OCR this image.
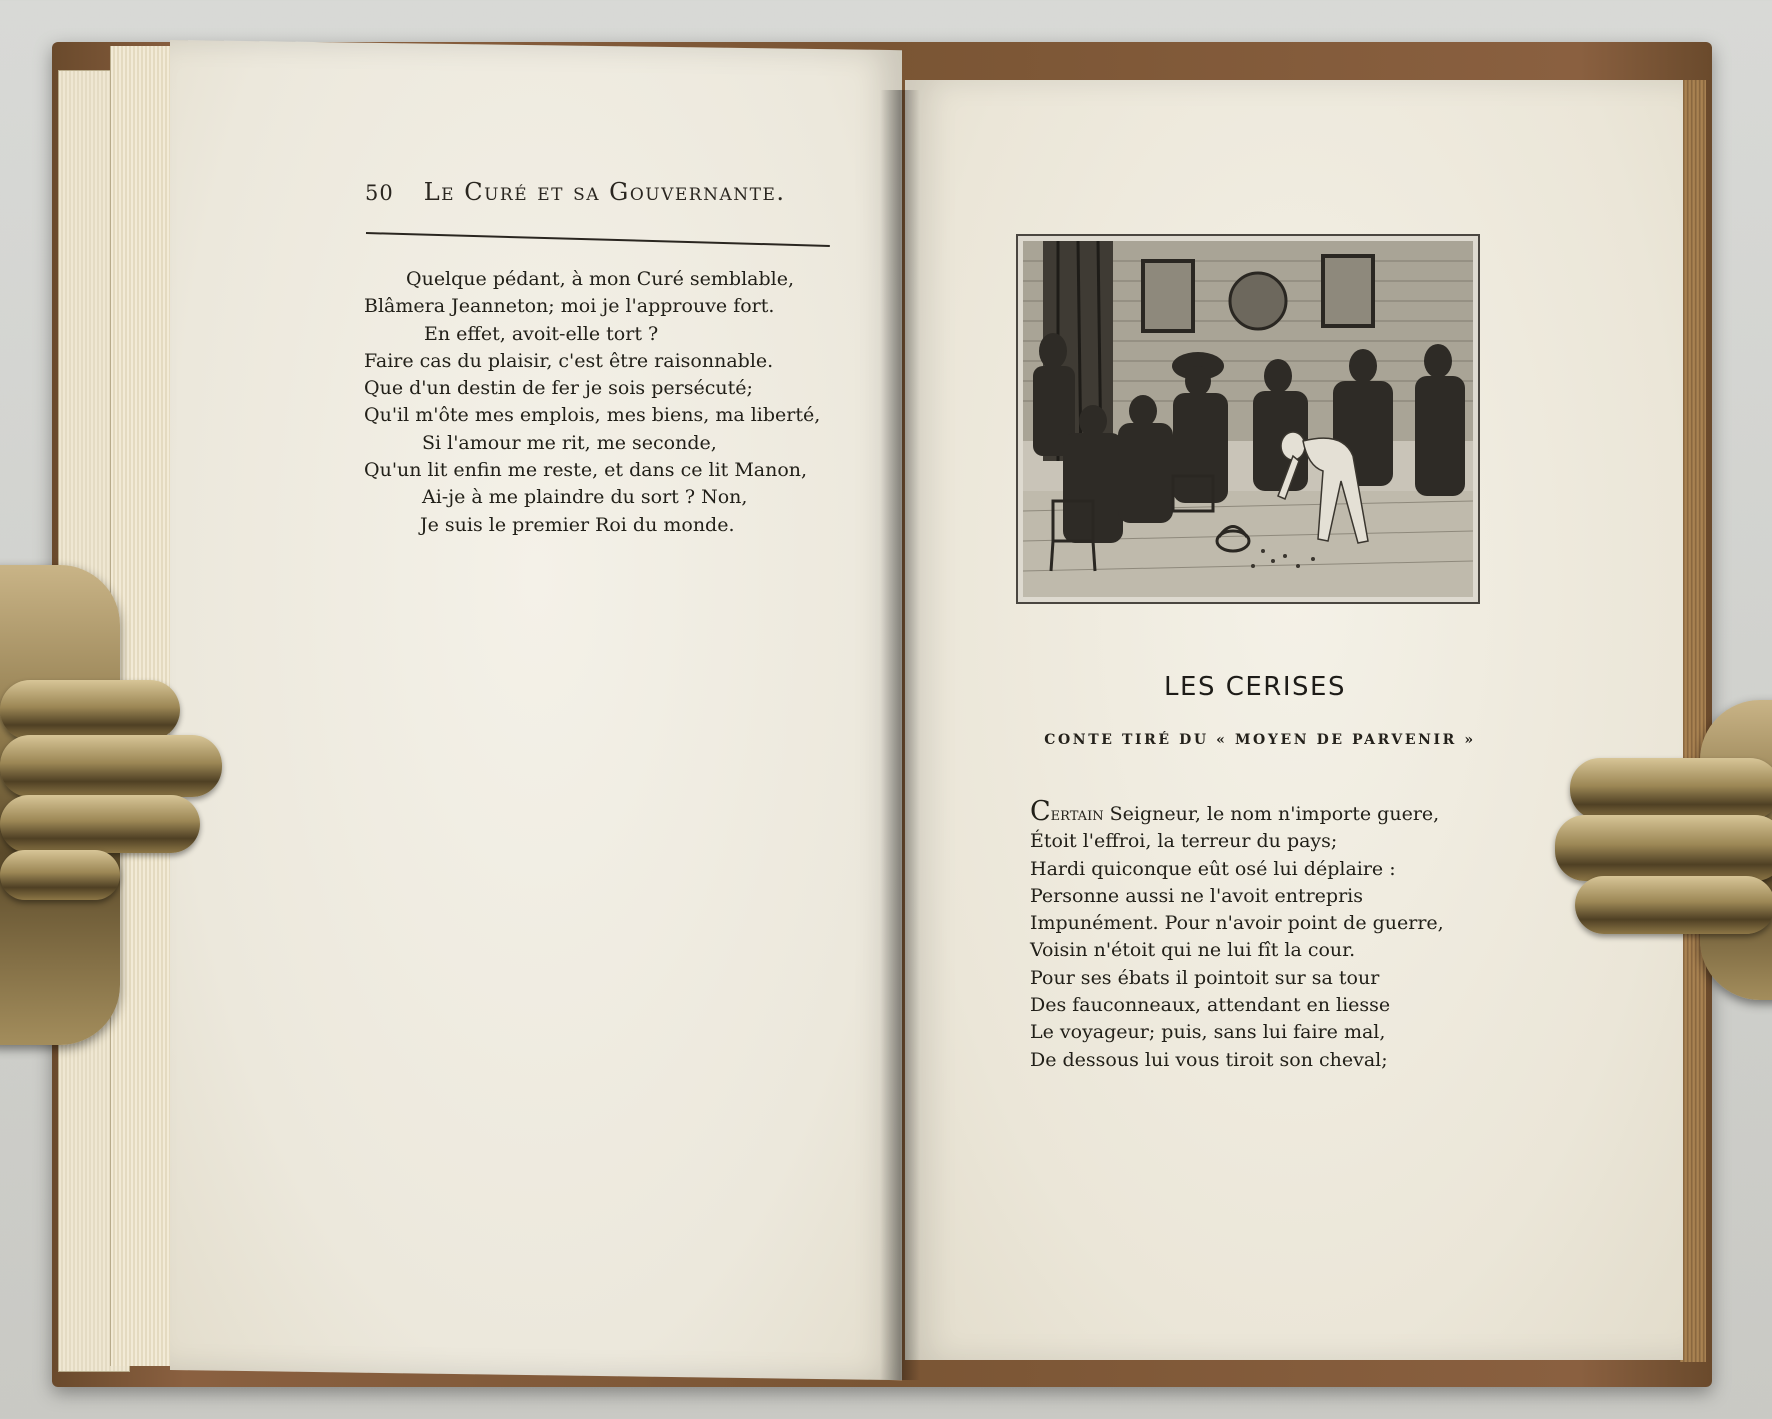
50 Le Curé et sa Gouvernante.
Quelque pédant, à mon Curé semblable,
Blâmera Jeanneton; moi je l'approuve fort.
En effet, avoit-elle tort ?
Faire cas du plaisir, c'est être raisonnable.
Que d'un destin de fer je sois persécuté;
Qu'il m'ôte mes emplois, mes biens, ma liberté,
Si l'amour me rit, me seconde,
Qu'un lit enfin me reste, et dans ce lit Manon,
Ai-je à me plaindre du sort ? Non,
Je suis le premier Roi du monde.
LES CERISES
CONTE TIRÉ DU « MOYEN DE PARVENIR »
Certain Seigneur, le nom n'importe guere,
Étoit l'effroi, la terreur du pays;
Hardi quiconque eût osé lui déplaire :
Personne aussi ne l'avoit entrepris
Impunément. Pour n'avoir point de guerre,
Voisin n'étoit qui ne lui fît la cour.
Pour ses ébats il pointoit sur sa tour
Des fauconneaux, attendant en liesse
Le voyageur; puis, sans lui faire mal,
De dessous lui vous tiroit son cheval;
